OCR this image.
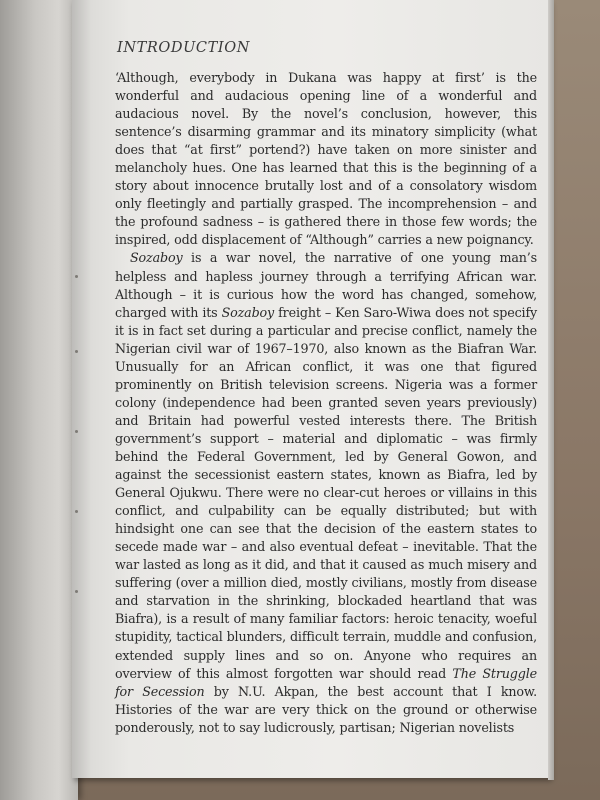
INTRODUCTION

‘Although, everybody in Dukana was happy at first’ is the wonderful and audacious opening line of a wonderful and audacious novel. By the novel’s conclusion, however, this sentence’s disarming grammar and its minatory simplicity (what does that “at first” portend?) have taken on more sinister and melancholy hues. One has learned that this is the beginning of a story about innocence brutally lost and of a consolatory wisdom only fleetingly and partially grasped. The incomprehension – and the profound sadness – is gathered there in those few words; the inspired, odd displacement of “Although” carries a new poignancy.

Sozaboy is a war novel, the narrative of one young man’s helpless and hapless journey through a terrifying African war. Although – it is curious how the word has changed, somehow, charged with its Sozaboy freight – Ken Saro-Wiwa does not specify it is in fact set during a particular and precise conflict, namely the Nigerian civil war of 1967–1970, also known as the Biafran War. Unusually for an African conflict, it was one that figured prominently on British television screens. Nigeria was a former colony (independence had been granted seven years previously) and Britain had powerful vested interests there. The British government’s support – material and diplomatic – was firmly behind the Federal Government, led by General Gowon, and against the secessionist eastern states, known as Biafra, led by General Ojukwu. There were no clear-cut heroes or villains in this conflict, and culpability can be equally distributed; but with hindsight one can see that the decision of the eastern states to secede made war – and also eventual defeat – inevitable. That the war lasted as long as it did, and that it caused as much misery and suffering (over a million died, mostly civilians, mostly from disease and starvation in the shrinking, blockaded heartland that was Biafra), is a result of many familiar factors: heroic tenacity, woeful stupidity, tactical blunders, difficult terrain, muddle and confusion, extended supply lines and so on. Anyone who requires an overview of this almost forgotten war should read The Struggle for Secession by N.U. Akpan, the best account that I know. Histories of the war are very thick on the ground or otherwise ponderously, not to say ludicrously, partisan; Nigerian novelists
